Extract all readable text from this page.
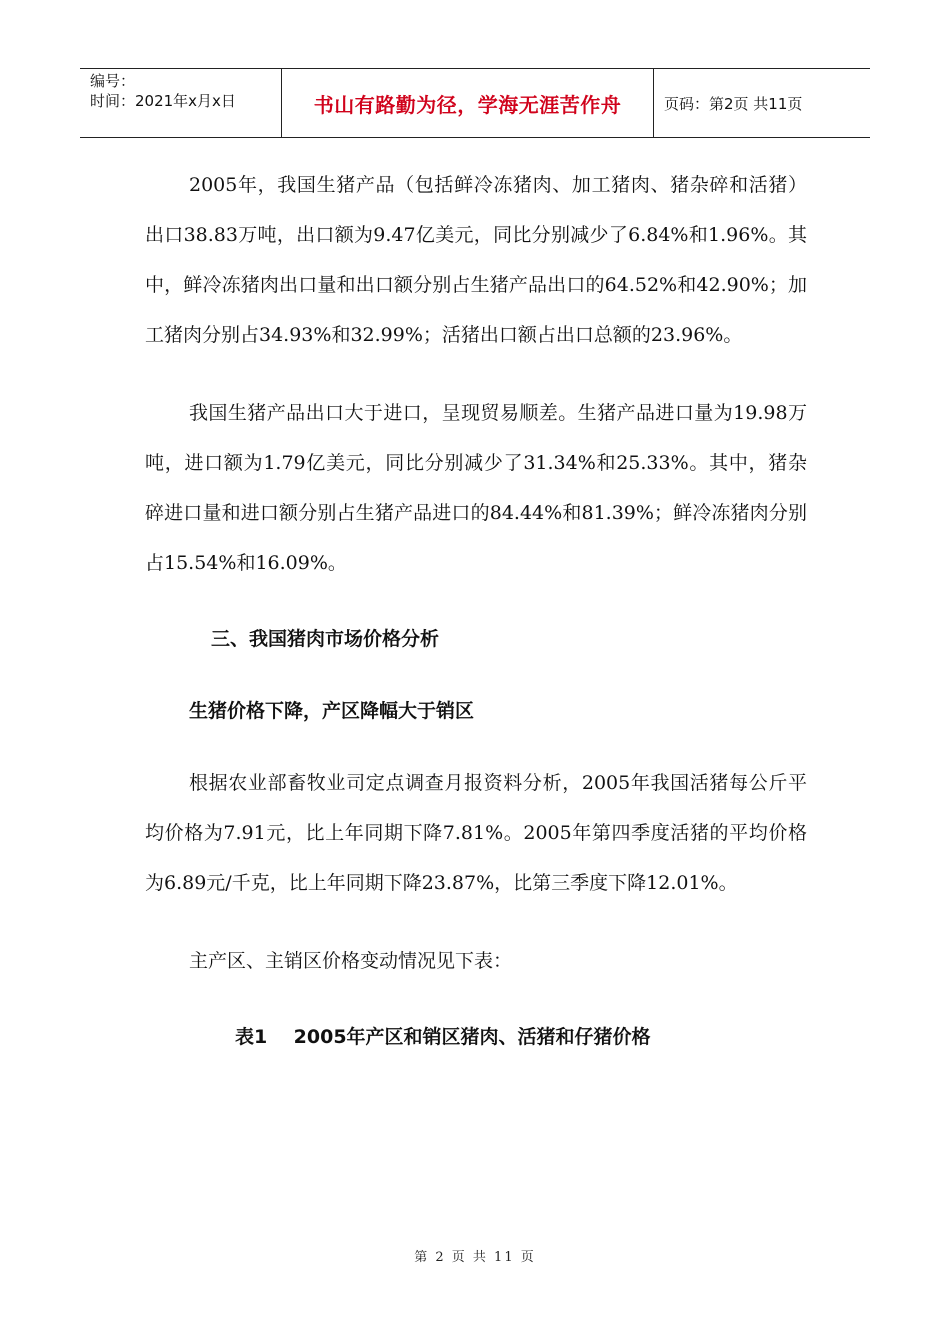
编号：
时间：2021年x月x日	书山有路勤为径，学海无涯苦作舟	页码：第2页 共11页

2005年，我国生猪产品（包括鲜冷冻猪肉、加工猪肉、猪杂碎和活猪）出口38.83万吨，出口额为9.47亿美元，同比分别减少了6.84%和1.96%。其中，鲜冷冻猪肉出口量和出口额分别占生猪产品出口的64.52%和42.90%；加工猪肉分别占34.93%和32.99%；活猪出口额占出口总额的23.96%。

我国生猪产品出口大于进口，呈现贸易顺差。生猪产品进口量为19.98万吨，进口额为1.79亿美元，同比分别减少了31.34%和25.33%。其中，猪杂碎进口量和进口额分别占生猪产品进口的84.44%和81.39%；鲜冷冻猪肉分别占15.54%和16.09%。

三、我国猪肉市场价格分析
生猪价格下降，产区降幅大于销区

根据农业部畜牧业司定点调查月报资料分析，2005年我国活猪每公斤平均价格为7.91元，比上年同期下降7.81%。2005年第四季度活猪的平均价格为6.89元/千克，比上年同期下降23.87%，比第三季度下降12.01%。

主产区、主销区价格变动情况见下表：

表1    2005年产区和销区猪肉、活猪和仔猪价格
第 2 页 共 11 页
